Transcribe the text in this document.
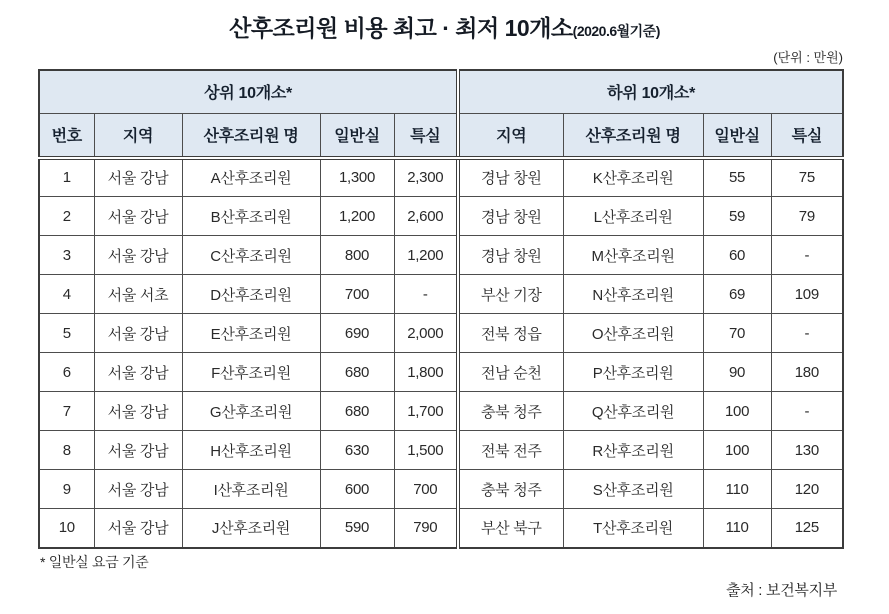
산후조리원 비용 최고 · 최저 10개소(2020.6월기준)
(단위 : 만원)
상위 10개소*					하위 10개소*			
번호	지역	산후조리원 명	일반실	특실	지역	산후조리원 명	일반실	특실
1	서울 강남	A산후조리원	1,300	2,300	경남 창원	K산후조리원	55	75
2	서울 강남	B산후조리원	1,200	2,600	경남 창원	L산후조리원	59	79
3	서울 강남	C산후조리원	800	1,200	경남 창원	M산후조리원	60	-
4	서울 서초	D산후조리원	700	-	부산 기장	N산후조리원	69	109
5	서울 강남	E산후조리원	690	2,000	전북 정읍	O산후조리원	70	-
6	서울 강남	F산후조리원	680	1,800	전남 순천	P산후조리원	90	180
7	서울 강남	G산후조리원	680	1,700	충북 청주	Q산후조리원	100	-
8	서울 강남	H산후조리원	630	1,500	전북 전주	R산후조리원	100	130
9	서울 강남	I산후조리원	600	700	충북 청주	S산후조리원	110	120
10	서울 강남	J산후조리원	590	790	부산 북구	T산후조리원	110	125
* 일반실 요금 기준
출처 : 보건복지부
